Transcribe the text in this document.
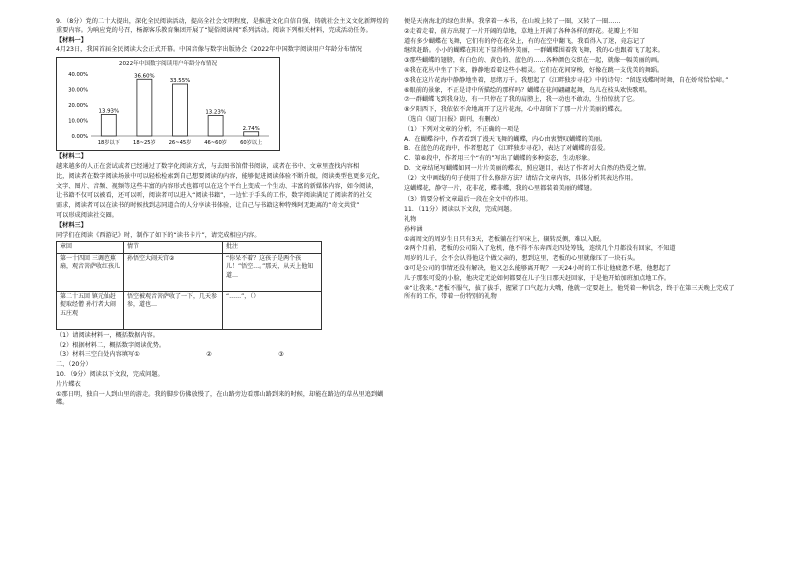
9．（8分）党的二十大提出，深化全民阅读活动，提高全社会文明程度，是推进文化自信自强，铸就社会主义文化新辉煌的重要内容。为响应党的号召，杨源客乐教育集团开展了“疑俗阅读闯”系列活动。阅读下列相关材料，完成活动任务。

【材料一】

4月23日，我国首届全民阅读大会正式开幕。中国音像与数字出版协会《2022年中国数字阅读用户年龄分布情况

2022年中国数字阅读用户年龄分布情况
0.00%
10.00%
20.00%
30.00%
40.00%
13.93%
18岁以下
36.60%
18~25岁
33.55%
26~45岁
13.23%
46~60岁
2.74%
60岁以上

【材料二】

越来越多的人正在尝试或者已经通过了数字化阅读方式，与去图书馆借书阅读，或者在书中、文章里查找内容相

比，阅读者在数字阅读场景中可以轻松检索到自己想要阅读的内容，能够促进阅读体验不断升级，阅读类型也更多元化，

文字、图片、音频、视频等这些丰富的内容形式也都可以在这个平台上变成一个生动、丰富的新媒体内容，如今阅读，

让书籍不仅可以被看，还可以听，阅读者可以进入“阅读书籍”，一边忙于手头的工作，数字阅读满足了阅读者的社交

需求，阅读者可以在读书的时候找到志同道合的人分享读书体验，让自己与书籍这种特殊阿无距离的“奇文共赏”

可以形成阅读社交圈。

【材料三】

同学们在阅读《西游记》时，制作了如下的“读书卡片”，请完成相应内容。

章回	情节	批注
第一十四回 三调芭蕉扇，观音菩萨收红孩儿	孙悟空大闹天宫②	“你呆不着？这孩子是两个孩儿！”悟空…。”那天，从天上他知道…
第二十五回 镇元仙赶捉取经僧 孙行者大闹五庄观	悟空被观音菩萨收了一下，几天参参，道也…	“……”，（）

（1）请阅读材料一，概括数据内容。

（2）根据材料二，概括数字阅读优势。

（3）材料三空白处内容填写①	②	③

二、（20分）

10．（9分）阅读以下文段，完成问题。

片片蝶衣

①那日明，独自一人到山里的游走。我的脚步仿佛放慢了，在山路旁边看那山路到来的时候，却能在路边的草丛里追到蝴蝶。

便是天南海北的绿色世界。我拿着一本书，在山坡上转了一圈，又转了一圈……

②走着走着，前方出现了一片开阔的草地，草地上开满了各种各样的野花。花瓣上不知

道有多少蝴蝶在飞舞，它们有的停在花朵上，有的在空中翻飞，我看得入了迷，竟忘记了

继续赶路。小小的蝴蝶在阳光下显得格外美丽，一群蝴蝶围着我飞舞，我的心也跟着飞了起来。

③那些蝴蝶的翅膀，有白色的、黄色的、蓝色的……各种颜色交织在一起，就像一幅美丽的画。

④我在花丛中坐了下来，静静地看着这些小精灵。它们在花间穿梭，好像在跳一支优美的舞蹈。

⑤我在这片花海中静静地坐着，思绪万千。我想起了《江畔独步寻花》中的诗句：“留连戏蝶时时舞，自在娇莺恰恰啼。”

⑥眼前的景象，不正是诗中所描绘的那样吗？蝴蝶在花间翩翩起舞，鸟儿在枝头欢快歌唱。

⑦一群蝴蝶飞到我身边，有一只停在了我的肩膀上，我一动也不敢动，生怕惊扰了它。

⑧夕阳西下，我依依不舍地离开了这片花海，心中却留下了那一片片美丽的蝶衣。

（选自《厦门日报》副刊，有删改）

（1）下列对文章的分析，不正确的一项是

A．在蝴蝶谷中，作者看到了漫天飞舞的蝴蝶，内心由衷赞叹蝴蝶的美丽。

B．在蓝色的花海中，作者想起了《江畔独步寻花》，表达了对蝴蝶的喜爱。

C．第⑥段中，作者用三个“有的”写出了蝴蝶的多种姿态，生动形象。

D．文章结尾写蝴蝶如同一片片美丽的蝶衣，照应题目，表达了作者对大自然的热爱之情。

（2）文中画线的句子使用了什么修辞方法？请结合文章内容，具体分析其表达作用。

这蝴蝶花，静守一片，花非花，蝶非蝶，我的心里都装着美丽的蝶翅。

（3）简要分析文章最后一段在全文中的作用。

11．（11分）阅读以下文段，完成问题。

礼物

孙梓涵

①离周文的周岁生日只有3天，老板躺在行军床上，辗转反侧，难以入眠。

②两个月前，老板的公司陷入了危机，他不得不东奔西走四处筹钱，连续几个月都没有回家，不知道

周岁的儿子，会不会认得他这个做父亲的，想到这里，老板的心里就像压了一块石头。

③可是公司的事情还没有解决，他又怎么能够离开呢？一天24小时的工作让他疲惫不堪，他想起了

儿子那张可爱的小脸，他决定无论如何都要在儿子生日那天赶回家，于是他开始加班加点地工作。

④“让我来。”老板不服气，拔了拔手，握紧了口气起力大嘴，他就一定要赶上，他凭着一种信念，终于在第三天晚上完成了所有的工作，带着一份特别的礼物
